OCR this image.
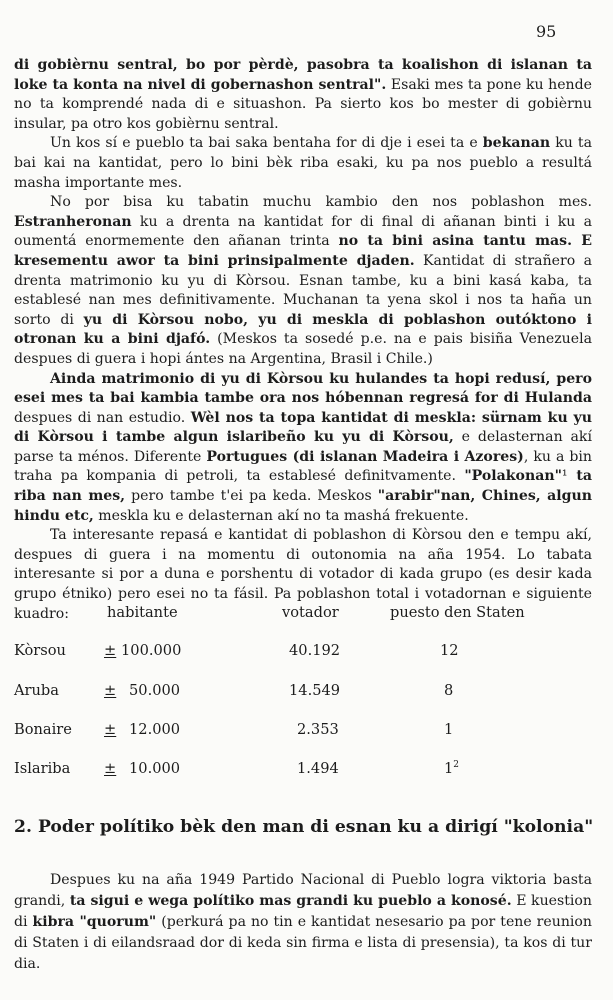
95

di gobièrnu sentral, bo por pèrdè, pasobra ta koalishon di islanan ta loke ta konta na nivel di gobernashon sentral". Esaki mes ta pone ku hende no ta komprendé nada di e situashon. Pa sierto kos bo mester di gobièrnu insular, pa otro kos gobièrnu sentral.

Un kos sí e pueblo ta bai saka bentaha for di dje i esei ta e bekanan ku ta bai kai na kantidat, pero lo bini bèk riba esaki, ku pa nos pueblo a resultá masha importante mes.

No por bisa ku tabatin muchu kambio den nos poblashon mes. Estranheronan ku a drenta na kantidat for di final di añanan binti i ku a oumentá enormemente den añanan trinta no ta bini asina tantu mas. E kresementu awor ta bini prinsipalmente djaden. Kantidat di strañero a drenta matrimonio ku yu di Kòrsou. Esnan tambe, ku a bini kasá kaba, ta establesé nan mes definitivamente. Muchanan ta yena skol i nos ta haña un sorto di yu di Kòrsou nobo, yu di meskla di poblashon outóktono i otronan ku a bini djafó. (Meskos ta sosedé p.e. na e pais bisiña Venezuela despues di guera i hopi ántes na Argentina, Brasil i Chile.)

Ainda matrimonio di yu di Kòrsou ku hulandes ta hopi redusí, pero esei mes ta bai kambia tambe ora nos hóbennan regresá for di Hulanda despues di nan estudio. Wèl nos ta topa kantidat di meskla: sürnam ku yu di Kòrsou i tambe algun islaribeño ku yu di Kòrsou, e delasternan akí parse ta ménos. Diferente Portugues (di islanan Madeira i Azores), ku a bin traha pa kompania di petroli, ta establesé definitvamente. "Polakonan"¹ ta riba nan mes, pero tambe t'ei pa keda. Meskos "arabir"nan, Chines, algun hindu etc, meskla ku e delasternan akí no ta mashá frekuente.

Ta interesante repasá e kantidat di poblashon di Kòrsou den e tempu akí, despues di guera i na momentu di outonomia na aña 1954. Lo tabata interesante si por a duna e porshentu di votador di kada grupo (es desir kada grupo étniko) pero esei no ta fásil. Pa poblashon total i votadornan e siguiente kuadro:	habitante	votador	puesto den Staten
Kòrsou	± 100.000	40.192	12
Aruba	± 50.000	14.549	8
Bonaire ± 12.000	2.353	1
Islariba ± 10.000	1.494	$1^2$
2. Poder polítiko bèk den man di esnan ku a dirigí "kolonia"

Despues ku na aña 1949 Partido Nacional di Pueblo logra viktoria basta grandi, ta sigui e wega polítiko mas grandi ku pueblo a konosé. E kuestion di kibra "quorum" (perkurá pa no tin e kantidat nesesario pa por tene reunion di Staten i di eilandsraad dor di keda sin firma e lista di presensia), ta kos di tur dia.
